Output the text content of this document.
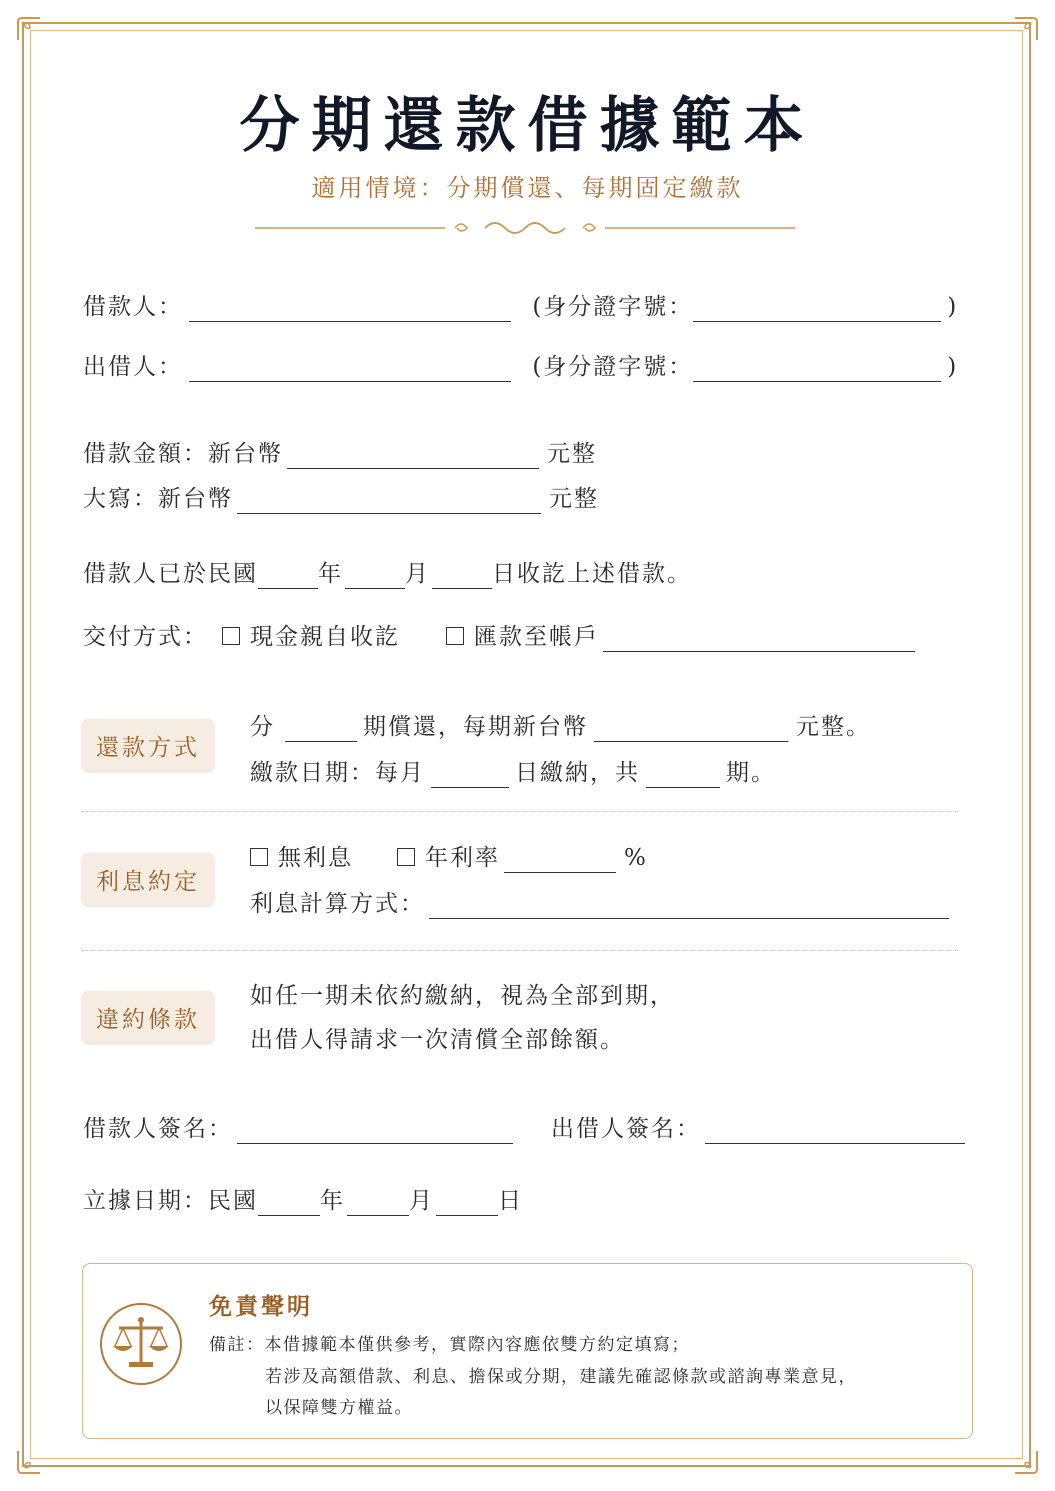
分期還款借據範本
適用情境：分期償還、每期固定繳款
借款人：	(身分證字號：	)
出借人：	(身分證字號：	)
借款金額：新台幣	元整
大寫：新台幣	元整
借款人已於民國	年	月	日收訖上述借款。
交付方式： 現金親自收訖	匯款至帳戶
還款方式
分	期償還，每期新台幣	元整。
繳款日期：每月	日繳納，共	期。
利息約定
無利息	年利率	%
利息計算方式：
違約條款
如任一期未依約繳納，視為全部到期，
出借人得請求一次清償全部餘額。
借款人簽名：	出借人簽名：
立據日期：民國	年	月	日
免責聲明
備註：本借據範本僅供參考，實際內容應依雙方約定填寫；
若涉及高額借款、利息、擔保或分期，建議先確認條款或諮詢專業意見，
以保障雙方權益。
